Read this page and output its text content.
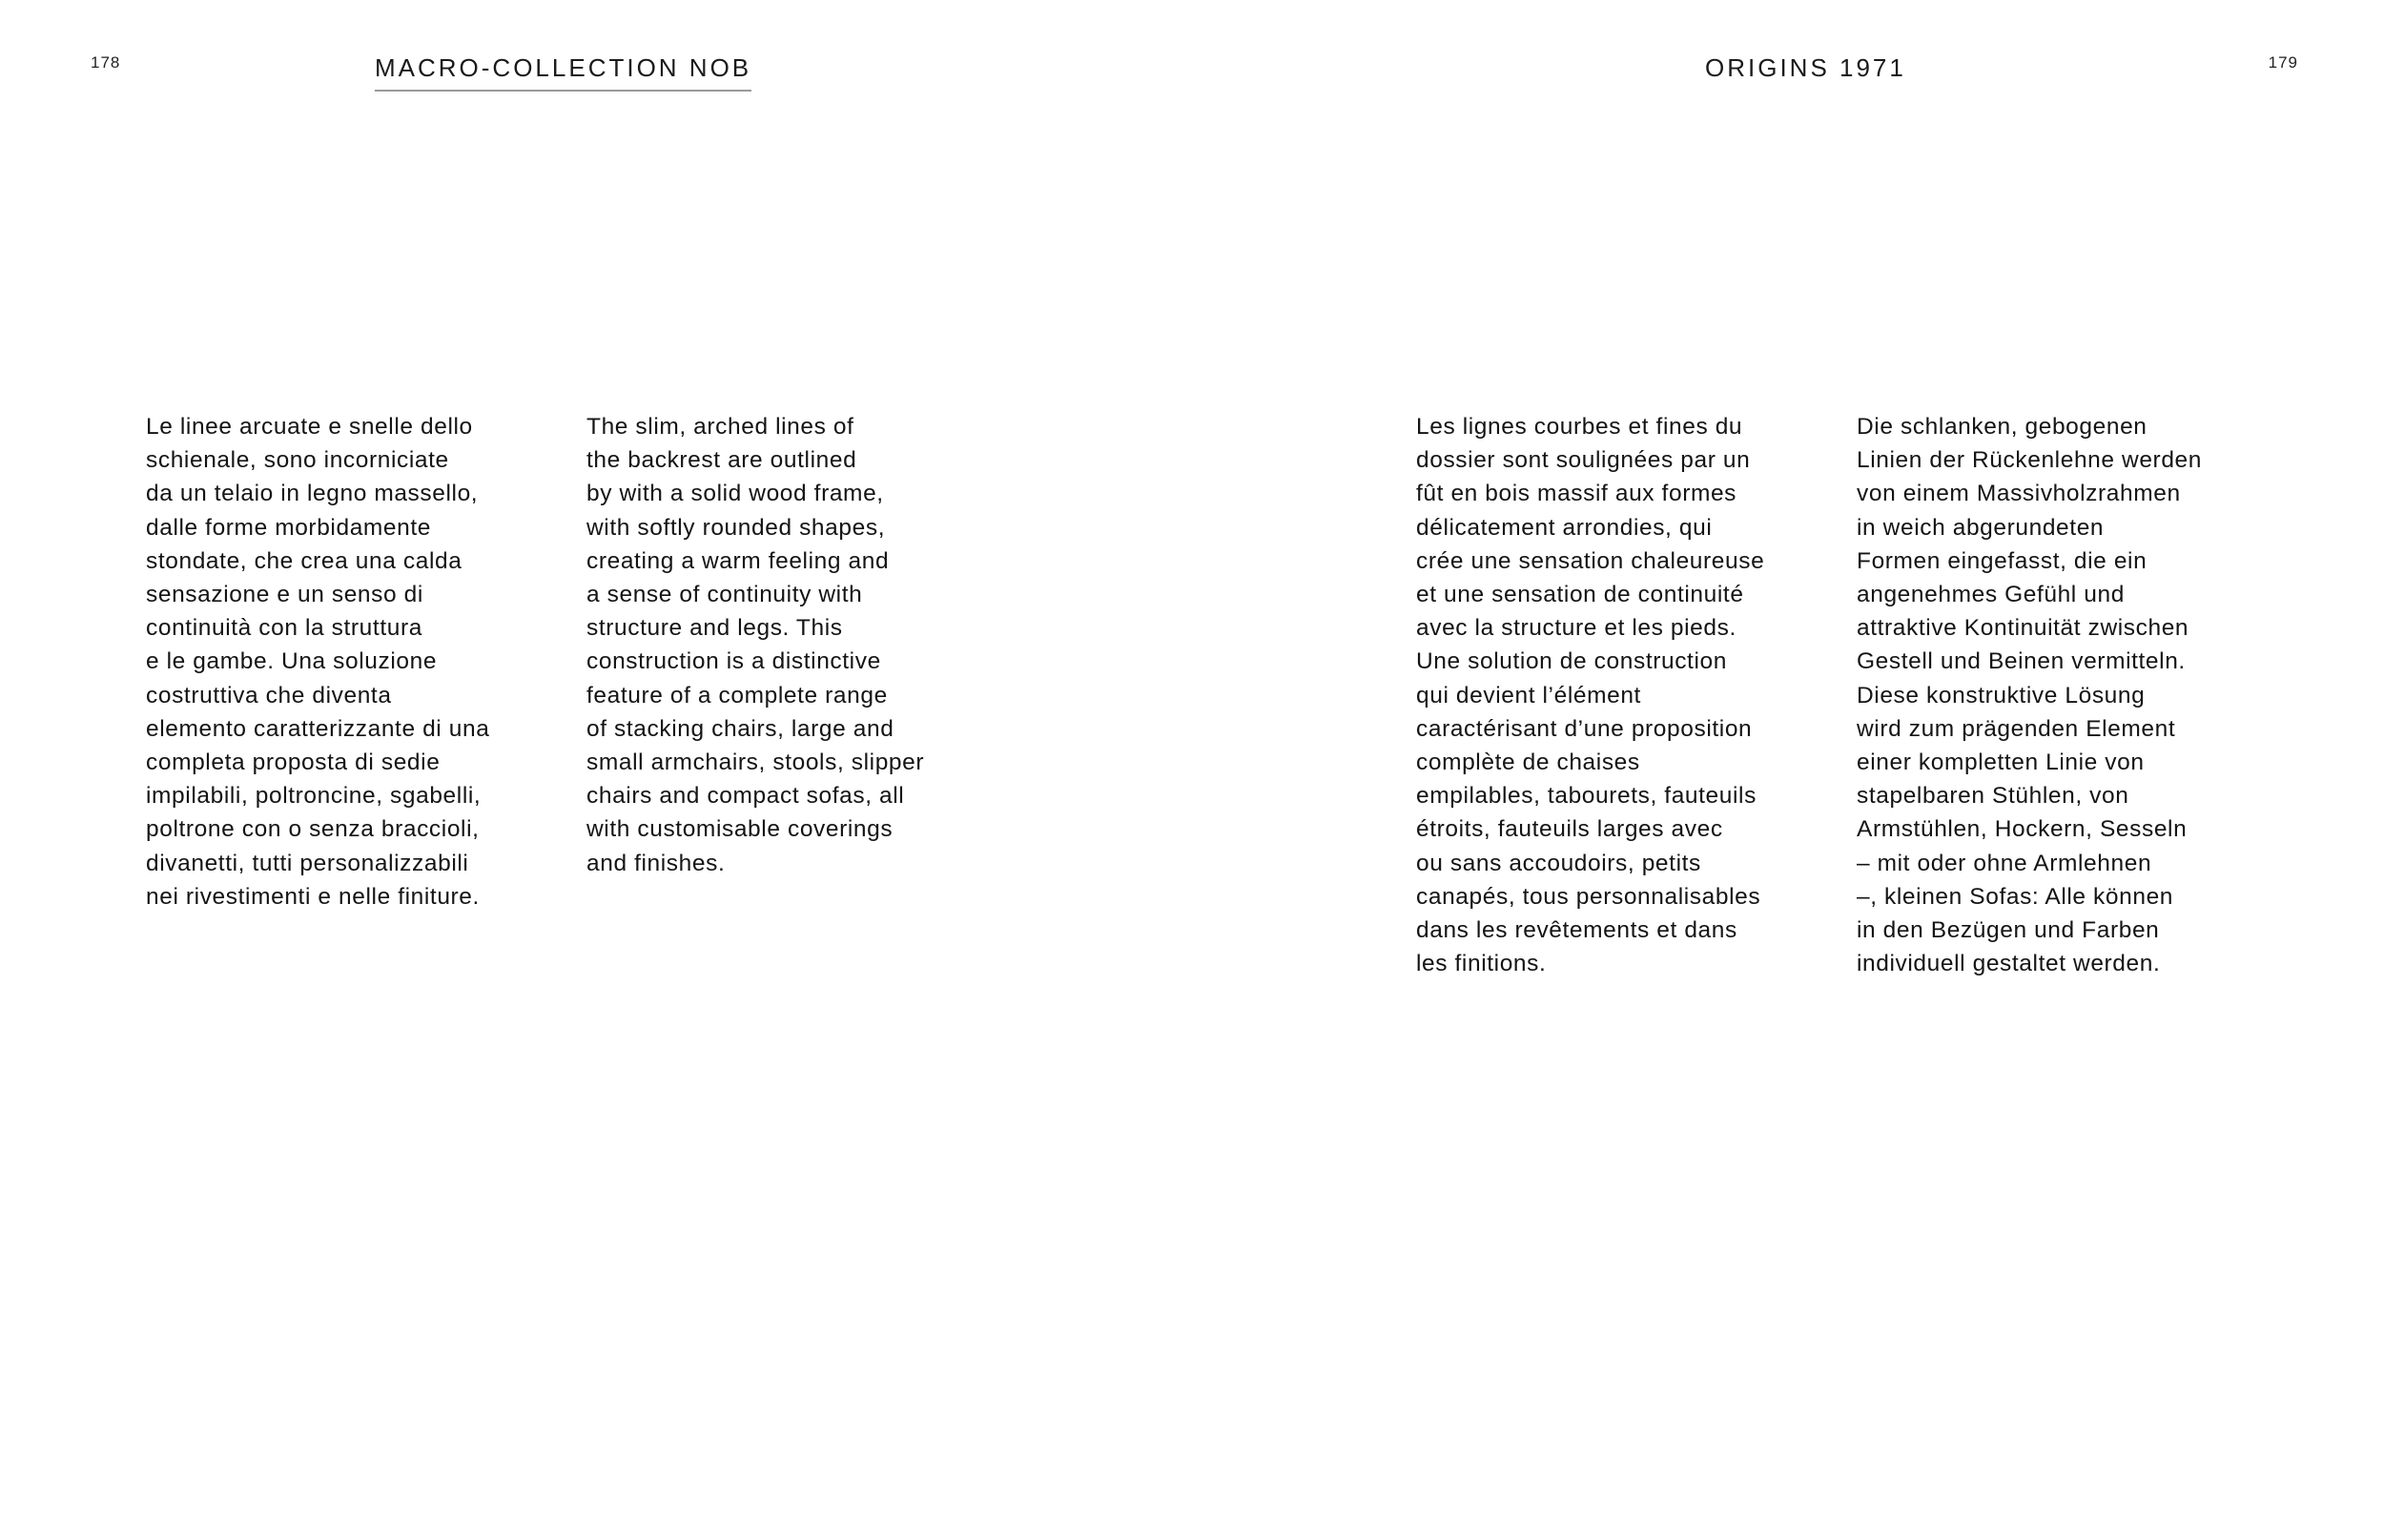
178	MACRO-COLLECTION NOB
Le linee arcuate e snelle dello
schienale, sono incorniciate
da un telaio in legno massello,
dalle forme morbidamente
stondate, che crea una calda
sensazione e un senso di
continuità con la struttura
e le gambe. Una soluzione
costruttiva che diventa
elemento caratterizzante di una
completa proposta di sedie
impilabili, poltroncine, sgabelli,
poltrone con o senza braccioli,
divanetti, tutti personalizzabili
nei rivestimenti e nelle finiture.
The slim, arched lines of
the backrest are outlined
by with a solid wood frame,
with softly rounded shapes,
creating a warm feeling and
a sense of continuity with
structure and legs. This
construction is a distinctive
feature of a complete range
of stacking chairs, large and
small armchairs, stools, slipper
chairs and compact sofas, all
with customisable coverings
and finishes.
ORIGINS 1971	179
Les lignes courbes et fines du
dossier sont soulignées par un
fût en bois massif aux formes
délicatement arrondies, qui
crée une sensation chaleureuse
et une sensation de continuité
avec la structure et les pieds.
Une solution de construction
qui devient l’élément
caractérisant d’une proposition
complète de chaises
empilables, tabourets, fauteuils
étroits, fauteuils larges avec
ou sans accoudoirs, petits
canapés, tous personnalisables
dans les revêtements et dans
les finitions.
Die schlanken, gebogenen
Linien der Rückenlehne werden
von einem Massivholzrahmen
in weich abgerundeten
Formen eingefasst, die ein
angenehmes Gefühl und
attraktive Kontinuität zwischen
Gestell und Beinen vermitteln.
Diese konstruktive Lösung
wird zum prägenden Element
einer kompletten Linie von
stapelbaren Stühlen, von
Armstühlen, Hockern, Sesseln
– mit oder ohne Armlehnen
–, kleinen Sofas: Alle können
in den Bezügen und Farben
individuell gestaltet werden.
